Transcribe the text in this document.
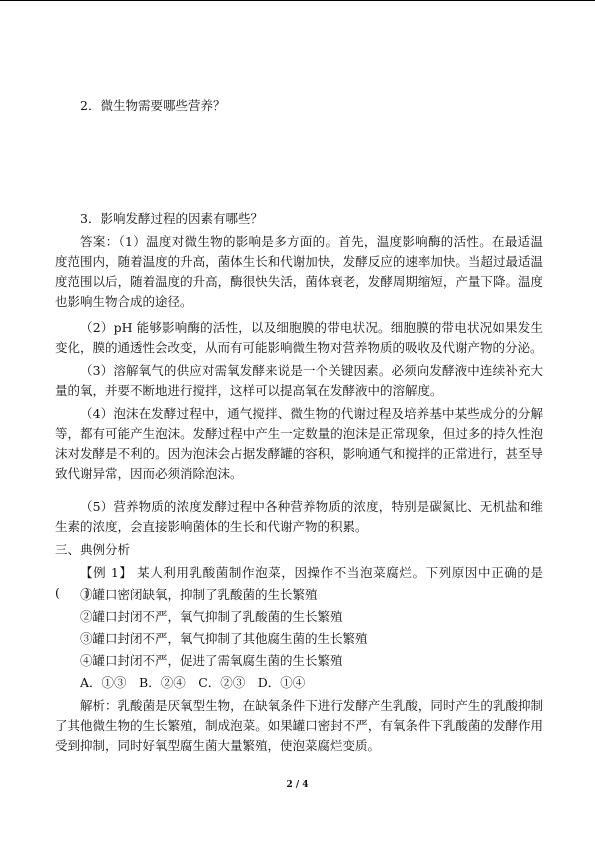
2．微生物需要哪些营养？

3．影响发酵过程的因素有哪些？

答案：（1）温度对微生物的影响是多方面的。首先，温度影响酶的活性。在最适温度范围内，随着温度的升高，菌体生长和代谢加快，发酵反应的速率加快。当超过最适温度范围以后，随着温度的升高，酶很快失活，菌体衰老，发酵周期缩短，产量下降。温度也影响生物合成的途径。

（2）pH 能够影响酶的活性，以及细胞膜的带电状况。细胞膜的带电状况如果发生变化，膜的通透性会改变，从而有可能影响微生物对营养物质的吸收及代谢产物的分泌。

（3）溶解氧气的供应对需氧发酵来说是一个关键因素。必须向发酵液中连续补充大量的氧，并要不断地进行搅拌，这样可以提高氧在发酵液中的溶解度。

（4）泡沫在发酵过程中，通气搅拌、微生物的代谢过程及培养基中某些成分的分解等，都有可能产生泡沫。发酵过程中产生一定数量的泡沫是正常现象，但过多的持久性泡沫对发酵是不利的。因为泡沫会占据发酵罐的容积，影响通气和搅拌的正常进行，甚至导致代谢异常，因而必须消除泡沫。

（5）营养物质的浓度发酵过程中各种营养物质的浓度，特别是碳氮比、无机盐和维生素的浓度，会直接影响菌体的生长和代谢产物的积累。

三、典例分析

【例 1】 某人利用乳酸菌制作泡菜，因操作不当泡菜腐烂。下列原因中正确的是(　　)

①罐口密闭缺氧，抑制了乳酸菌的生长繁殖

②罐口封闭不严，氧气抑制了乳酸菌的生长繁殖

③罐口封闭不严，氧气抑制了其他腐生菌的生长繁殖

④罐口封闭不严，促进了需氧腐生菌的生长繁殖

A．①③　B．②④　C．②③　D．①④

解析：乳酸菌是厌氧型生物，在缺氧条件下进行发酵产生乳酸，同时产生的乳酸抑制了其他微生物的生长繁殖，制成泡菜。如果罐口密封不严，有氧条件下乳酸菌的发酵作用受到抑制，同时好氧型腐生菌大量繁殖，使泡菜腐烂变质。

2 / 4
